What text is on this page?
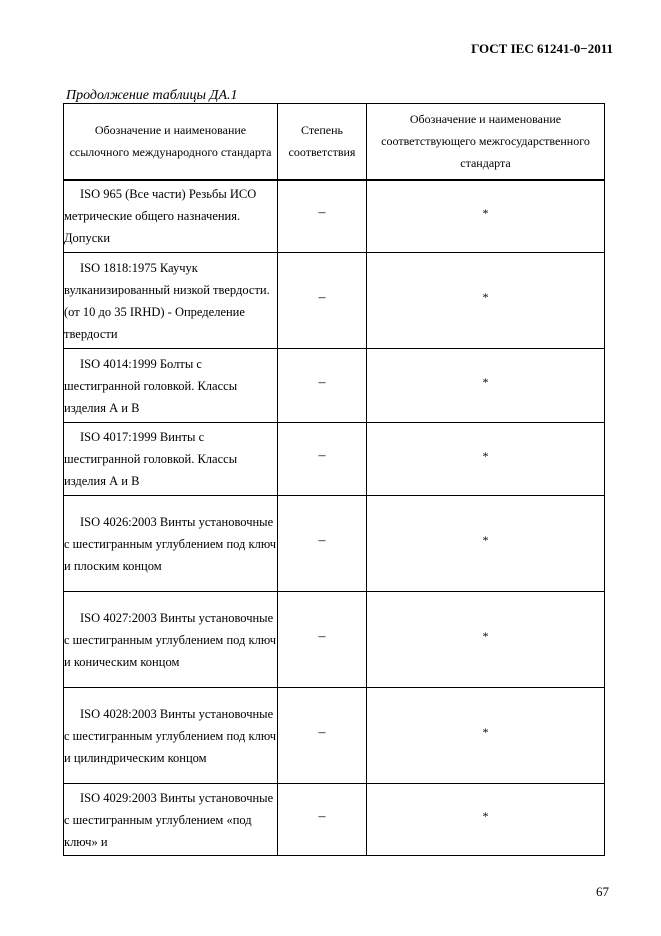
ГОСТ IEC 61241-0−2011
Продолжение таблицы ДА.1
Обозначение и наименование ссылочного международного стандарта	Степень соответствия	Обозначение и наименование соответствующего межгосударственного стандарта

ISO 965 (Все части) Резьбы ИСО метрические общего назначения. Допуски	–	*

ISO 1818:1975 Каучук вулканизированный низкой твердости. (от 10 до 35 IRHD) - Определение твердости	–	*

ISO 4014:1999 Болты с шестигранной головкой. Классы изделия А и В	–	*

ISO 4017:1999 Винты с шестигранной головкой. Классы изделия А и В	–	*

ISO 4026:2003 Винты установочные с шестигранным углублением под ключ и плоским концом	–	*

ISO 4027:2003 Винты установочные с шестигранным углублением под ключ и коническим концом	–	*

ISO 4028:2003 Винты установочные с шестигранным углублением под ключ и цилиндрическим концом	–	*

ISO 4029:2003 Винты установочные с шестигранным углублением «под ключ» и	–	*
67
